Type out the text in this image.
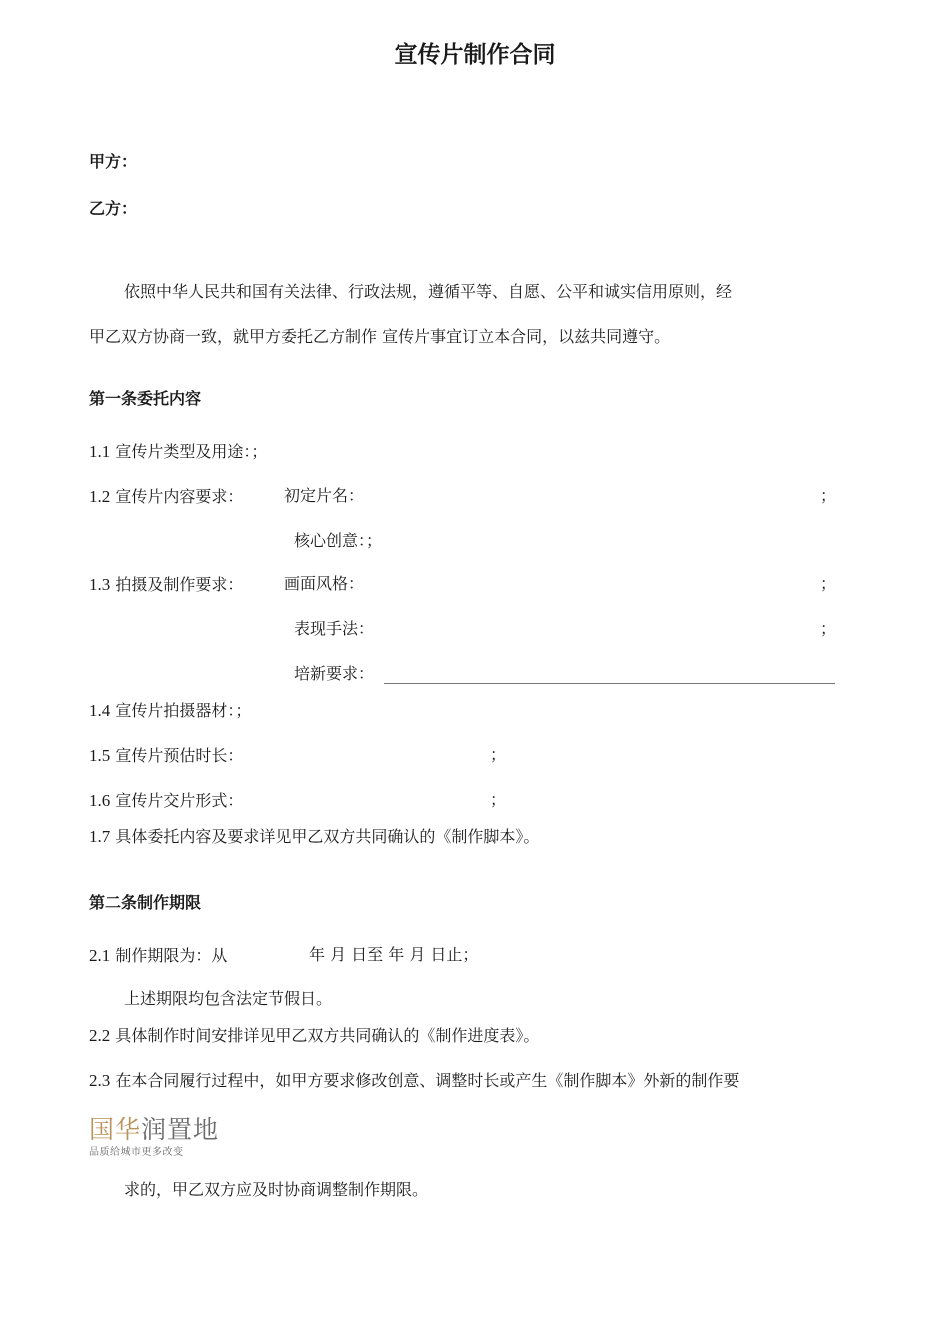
宣传片制作合同
甲方：
乙方：
依照中华人民共和国有关法律、行政法规，遵循平等、自愿、公平和诚实信用原则，经
甲乙双方协商一致，就甲方委托乙方制作 宣传片事宜订立本合同，以兹共同遵守。
第一条委托内容
1.1 宣传片类型及用途：；
1.2 宣传片内容要求：	初定片名：	；
核心创意：；
1.3 拍摄及制作要求：	画面风格：	；
表现手法：	；
培新要求：
1.4 宣传片拍摄器材：；
1.5 宣传片预估时长：	；
1.6 宣传片交片形式：	；
1.7 具体委托内容及要求详见甲乙双方共同确认的《制作脚本》。
第二条制作期限
2.1 制作期限为：从	年 月 日至 年 月 日止；
上述期限均包含法定节假日。
2.2 具体制作时间安排详见甲乙双方共同确认的《制作进度表》。
2.3 在本合同履行过程中，如甲方要求修改创意、调整时长或产生《制作脚本》外新的制作要
国华润置地
品质给城市更多改变
求的，甲乙双方应及时协商调整制作期限。
